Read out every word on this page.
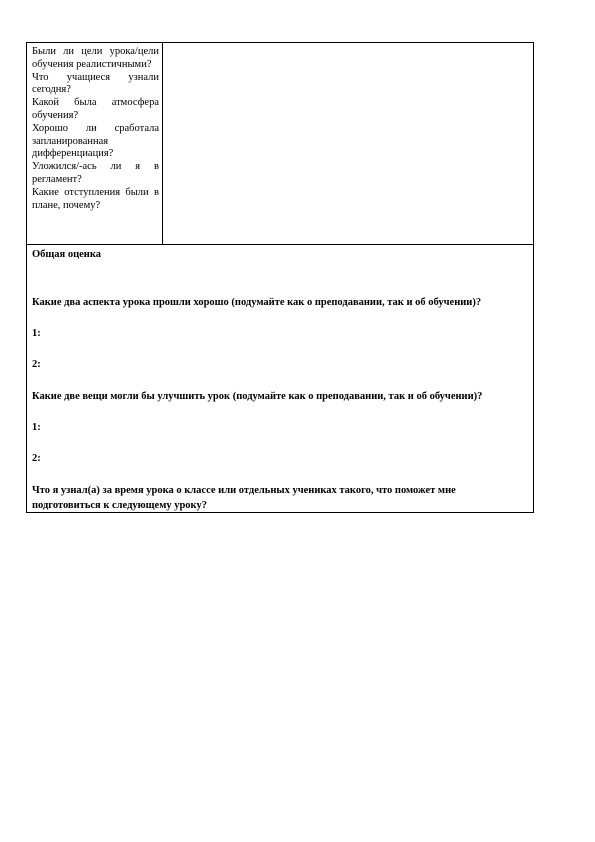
Были ли цели урока/цели обучения реалистичными?
Что учащиеся узнали сегодня?
Какой была атмосфера обучения?
Хорошо ли сработала запланированная дифференциация?
Уложился/-ась ли я в регламент?
Какие отступления были в плане, почему?

Общая оценка

Какие два аспекта урока прошли хорошо (подумайте как о преподавании, так и об обучении)?

1:

2:

Какие две вещи могли бы улучшить урок (подумайте как о преподавании, так и об обучении)?

1:

2:

Что я узнал(а) за время урока о классе или отдельных учениках такого, что поможет мне подготовиться к следующему уроку?
